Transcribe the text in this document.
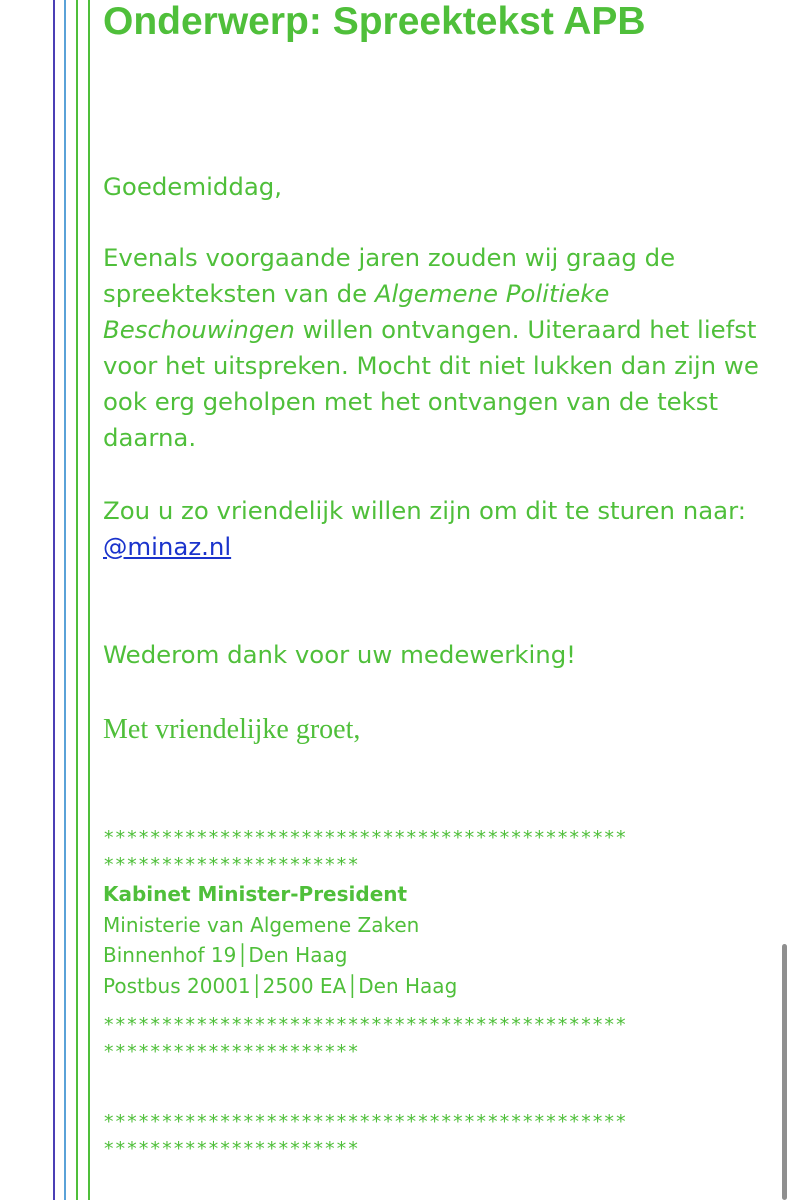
Onderwerp: Spreektekst APB

Goedemiddag,

Evenals voorgaande jaren zouden wij graag de spreekteksten van de Algemene Politieke Beschouwingen willen ontvangen. Uiteraard het liefst voor het uitspreken. Mocht dit niet lukken dan zijn we ook erg geholpen met het ontvangen van de tekst daarna.

Zou u zo vriendelijk willen zijn om dit te sturen naar:
@minaz.nl

Wederom dank voor uw medewerking!

Met vriendelijke groet,

*********************************************
**********************
Kabinet Minister-President
Ministerie van Algemene Zaken
Binnenhof 19│Den Haag
Postbus 20001│2500 EA│Den Haag
*********************************************
**********************
*********************************************
**********************
